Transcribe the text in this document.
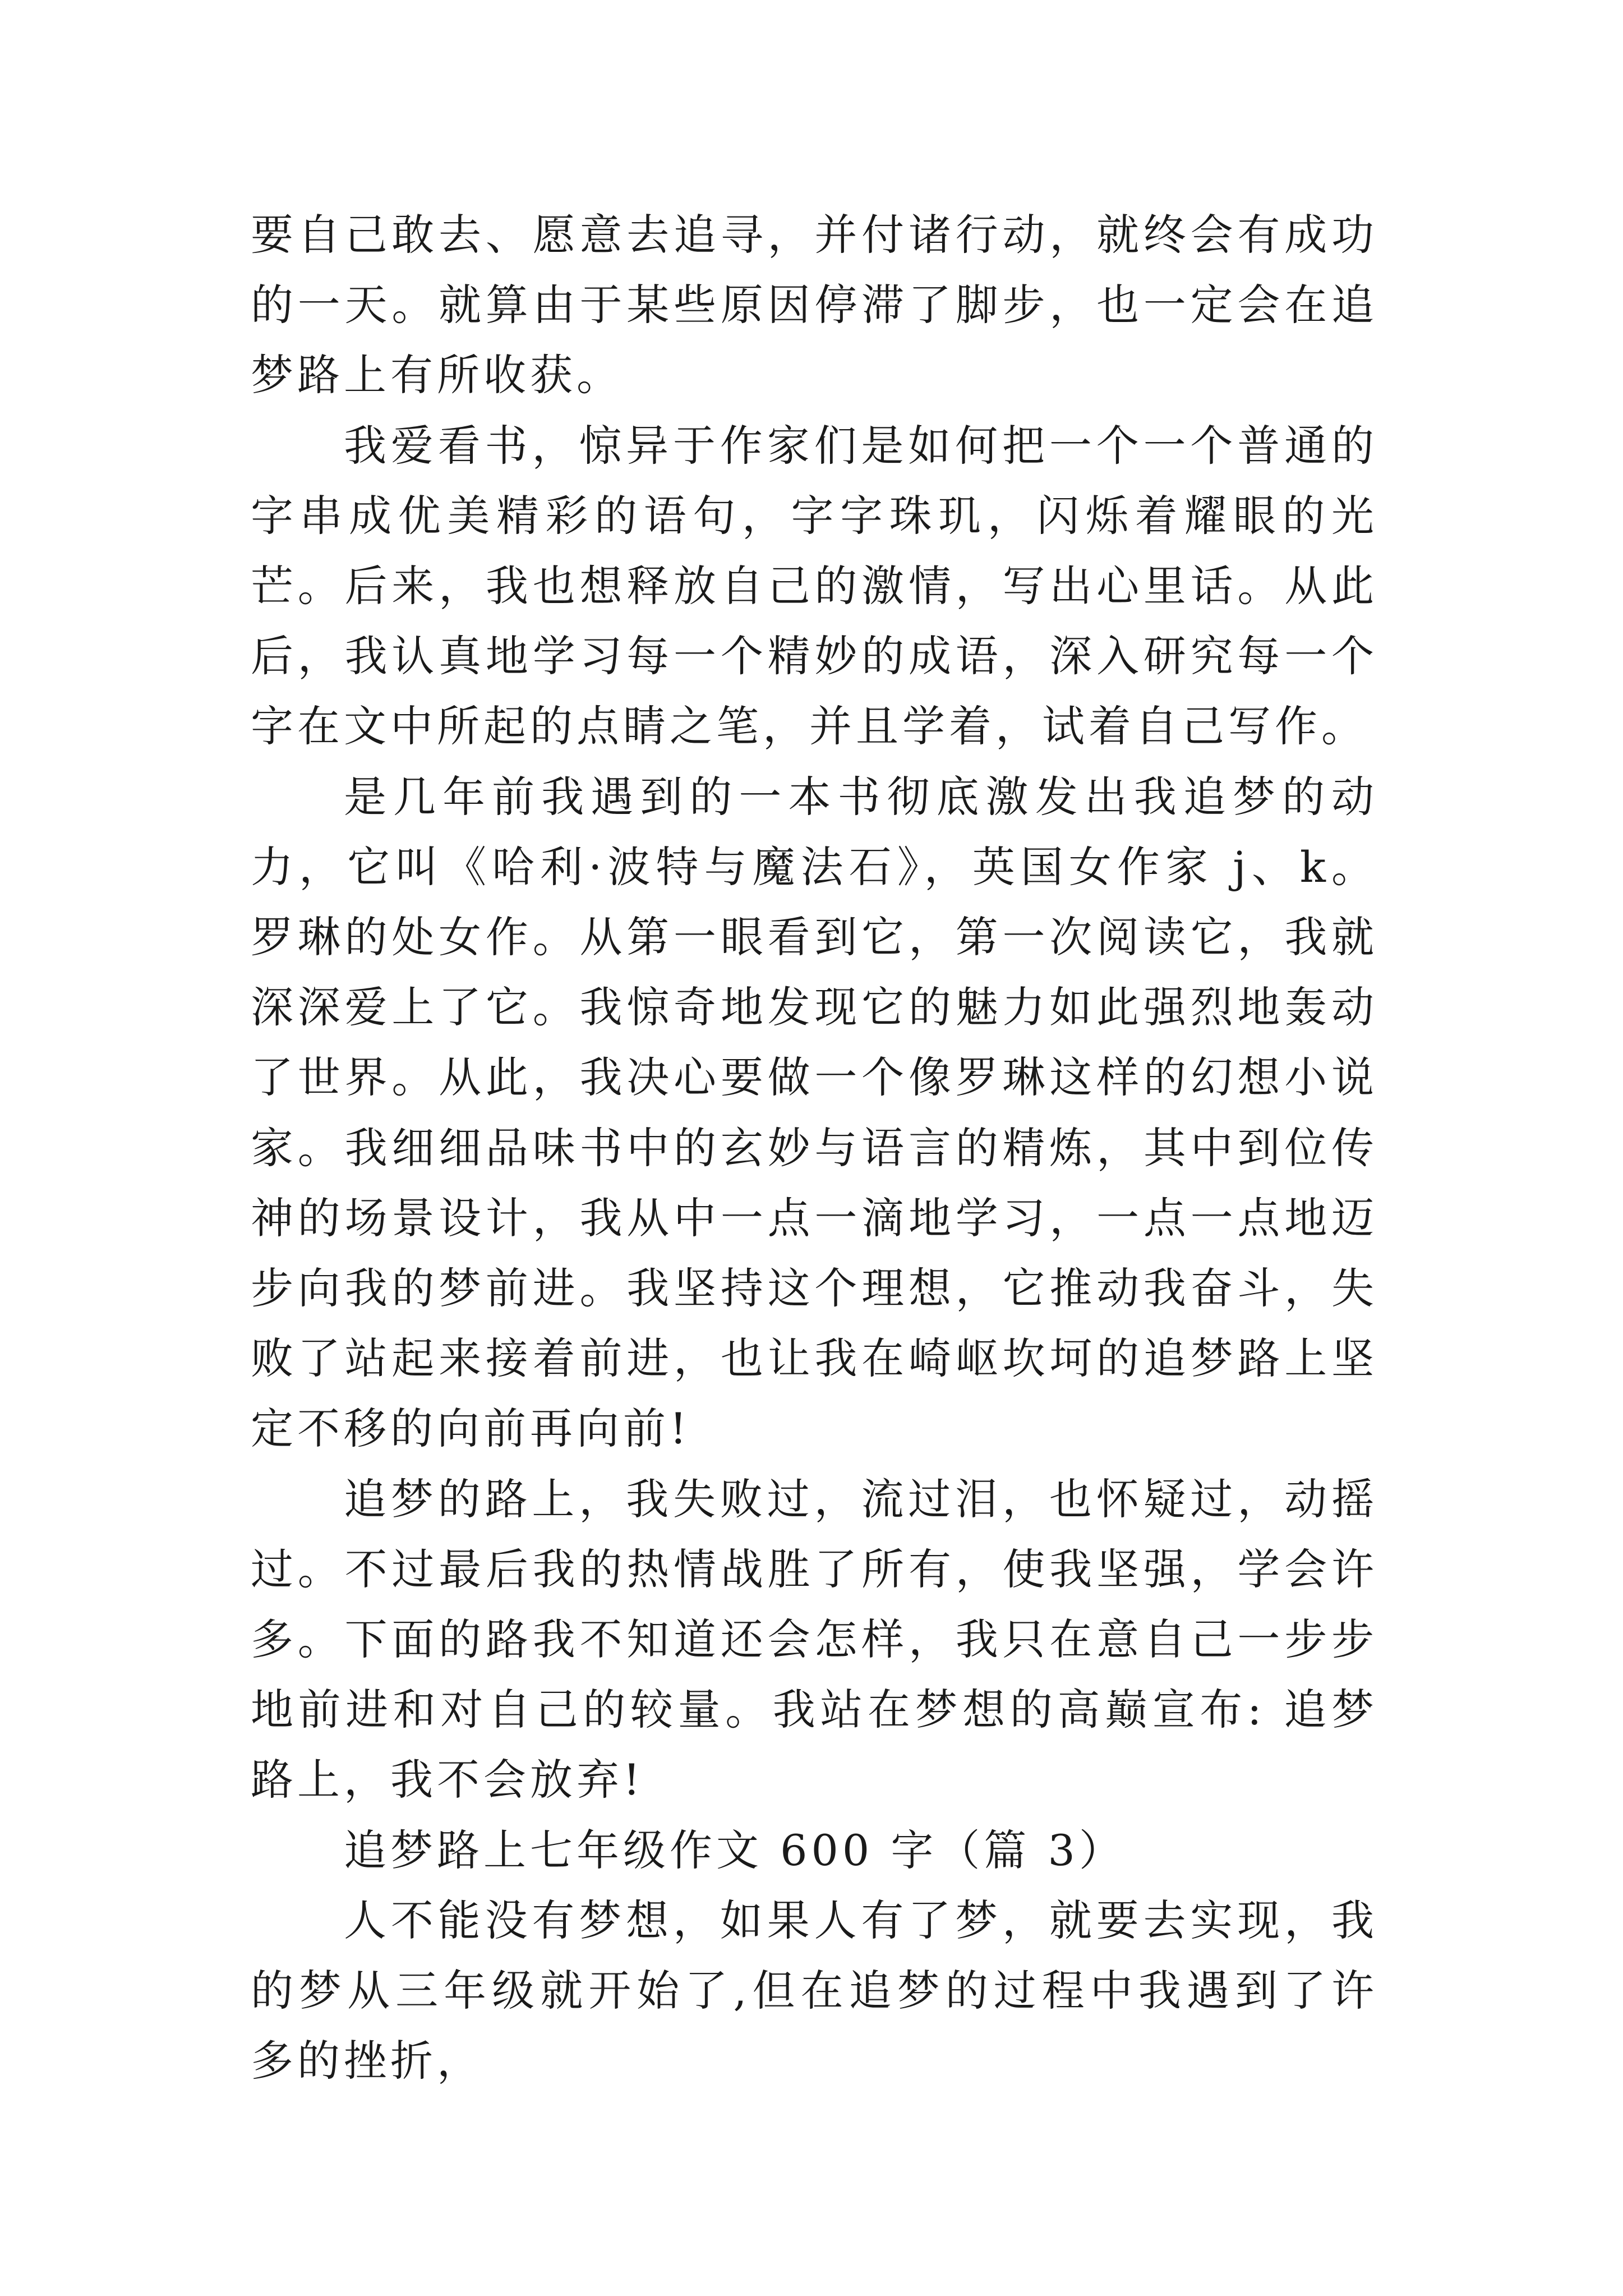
要自己敢去、愿意去追寻，并付诸行动，就终会有成功的一天。就算由于某些原因停滞了脚步，也一定会在追梦路上有所收获。

我爱看书，惊异于作家们是如何把一个一个普通的字串成优美精彩的语句，字字珠玑，闪烁着耀眼的光芒。后来，我也想释放自己的激情，写出心里话。从此后，我认真地学习每一个精妙的成语，深入研究每一个字在文中所起的点睛之笔，并且学着，试着自己写作。

是几年前我遇到的一本书彻底激发出我追梦的动力，它叫《哈利·波特与魔法石》，英国女作家 j、k。罗琳的处女作。从第一眼看到它，第一次阅读它，我就深深爱上了它。我惊奇地发现它的魅力如此强烈地轰动了世界。从此，我决心要做一个像罗琳这样的幻想小说家。我细细品味书中的玄妙与语言的精炼，其中到位传神的场景设计，我从中一点一滴地学习，一点一点地迈步向我的梦前进。我坚持这个理想，它推动我奋斗，失败了站起来接着前进，也让我在崎岖坎坷的追梦路上坚定不移的向前再向前!

追梦的路上，我失败过，流过泪，也怀疑过，动摇过。不过最后我的热情战胜了所有，使我坚强，学会许多。下面的路我不知道还会怎样，我只在意自己一步步地前进和对自己的较量。我站在梦想的高巅宣布: 追梦路上，我不会放弃!

追梦路上七年级作文 600 字（篇 3）

人不能没有梦想，如果人有了梦，就要去实现，我的梦从三年级就开始了,但在追梦的过程中我遇到了许多的挫折，
